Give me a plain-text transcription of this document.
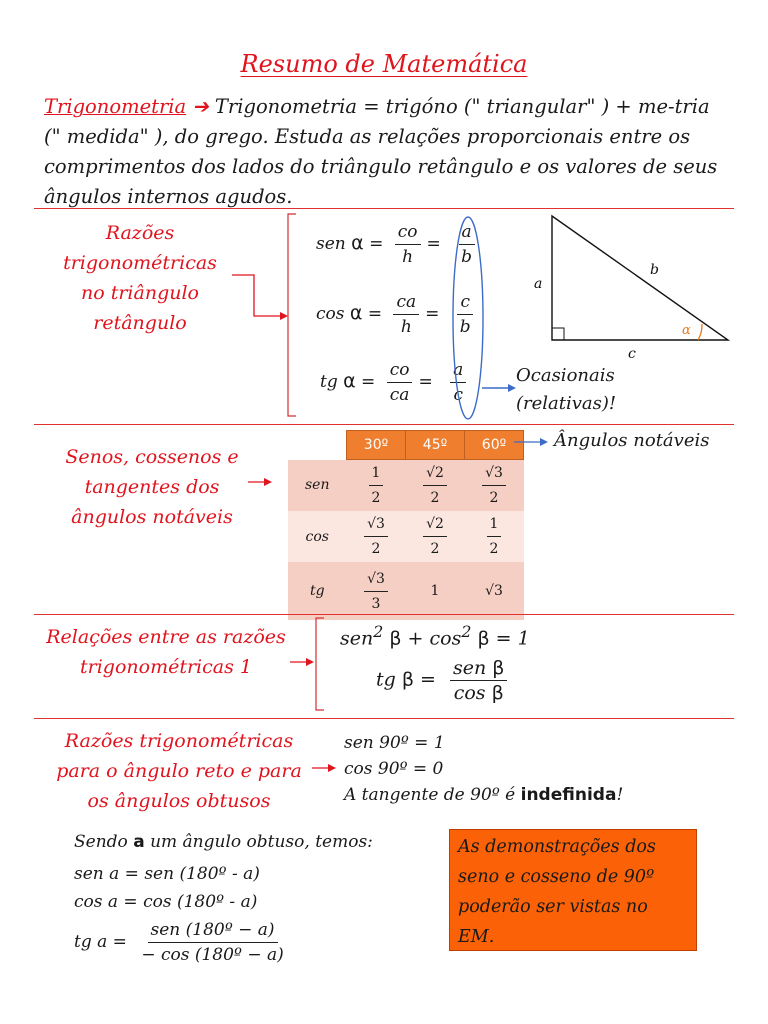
Resumo de Matemática
Trigonometria ➔ Trigonometria = trigóno (" triangular" ) + me-tria (" medida" ), do grego. Estuda as relações proporcionais entre os comprimentos dos lados do triângulo retângulo e os valores de seus ângulos internos agudos.
Razões trigonométricas no triângulo retângulo
sen $\alpha = \frac{co}{h} = \frac{a}{b}$
$\cos \alpha = \frac{ca}{h} = \frac{c}{b}$
tg $\alpha = \frac{co}{ca} = \frac{a}{c}$	Ocasionais (relativas)!
α
a
b
c
Senos, cossenos e tangentes dos ângulos notáveis
	30º	45º	60º
sen	$\frac{1}{2}$	$\frac{√2}{2}$	$\frac{√3}{2}$

cos	$\frac{√3}{2}$	$\frac{√2}{2}$	$\frac{1}{2}$

tg	$\frac{√3}{3}$	1	√3
Ângulos notáveis
Relações entre as razões trigonométricas 1
sen$^2$ $\beta + \cos^2 \beta = 1$
tg $\beta = \frac{\text{sen β}}{\text{cos β}}$
Razões trigonométricas para o ângulo reto e para os ângulos obtusos
sen 90º = 1
cos 90º = 0
A tangente de 90º é indefinida!
Sendo a um ângulo obtuso, temos:
sen a = sen (180º - a)
cos a = cos (180º - a)
tg $a = \frac{\text{sen (180º − a)}}{\text{− cos (180º − a)}}$
As demonstrações dos seno e cosseno de 90º poderão ser vistas no EM.
